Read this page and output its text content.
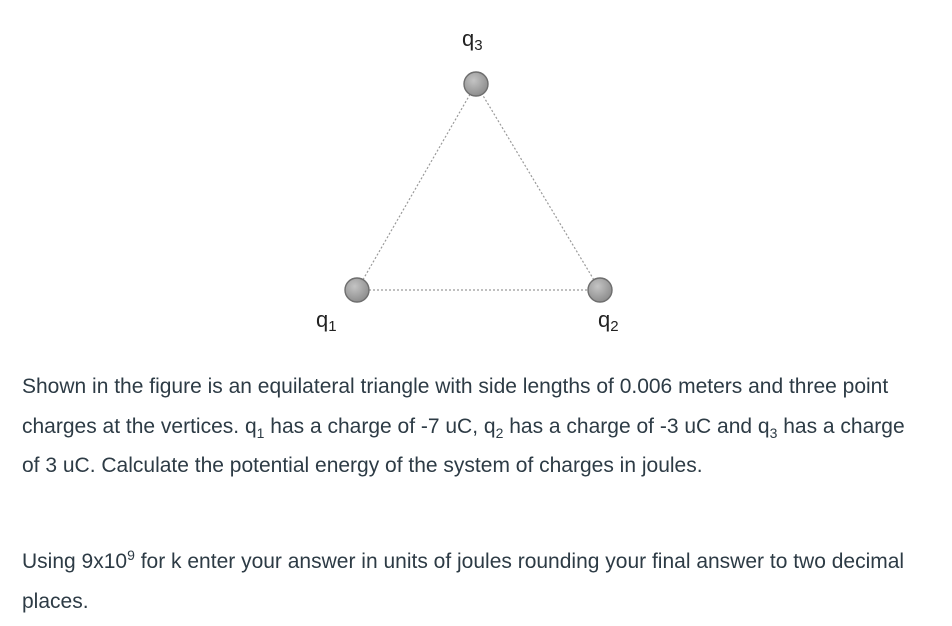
q3
q1	q2

Shown in the figure is an equilateral triangle with side lengths of 0.006 meters and three point charges at the vertices. $q_1$ has a charge of -7 uC, $q_2$ has a charge of -3 uC and $q_3$ has a charge of 3 uC. Calculate the potential energy of the system of charges in joules.

Using $9x10^9$ for k enter your answer in units of joules rounding your final answer to two decimal places.
